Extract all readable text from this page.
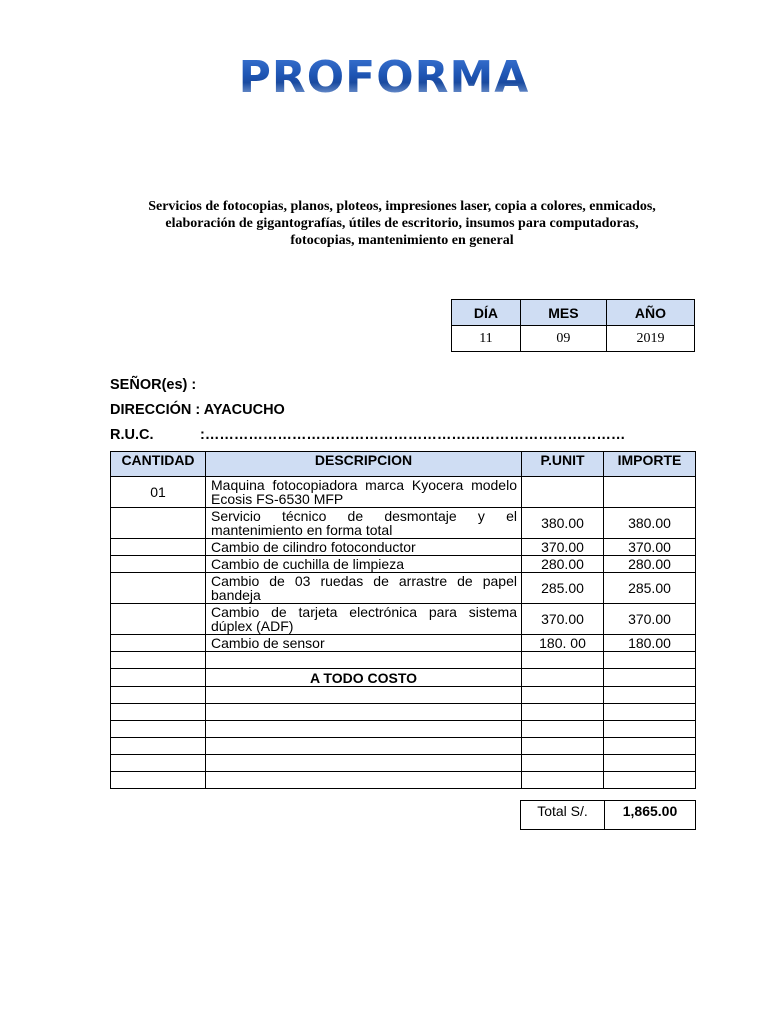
PROFORMA
Servicios de fotocopias, planos, ploteos, impresiones laser, copia a colores, enmicados,
elaboración de gigantografías, útiles de escritorio, insumos para computadoras,
fotocopias, mantenimiento en general
DÍA	MES	AÑO
11	09	2019
SEÑOR(es) :
DIRECCIÓN : AYACUCHO
R.U.C.	:……………………………………………………………………………
CANTIDAD	DESCRIPCION	P.UNIT	IMPORTE
01	Maquina fotocopiadora marca Kyocera modelo Ecosis FS-6530 MFP		
	Servicio técnico de desmontaje y el mantenimiento en forma total	380.00	380.00
	Cambio de cilindro fotoconductor	370.00	370.00
	Cambio de cuchilla de limpieza	280.00	280.00
	Cambio de 03 ruedas de arrastre de papel bandeja	285.00	285.00
	Cambio de tarjeta electrónica para sistema dúplex (ADF)	370.00	370.00
	Cambio de sensor	180. 00	180.00

	A TODO COSTO		

Total S/.	1,865.00
